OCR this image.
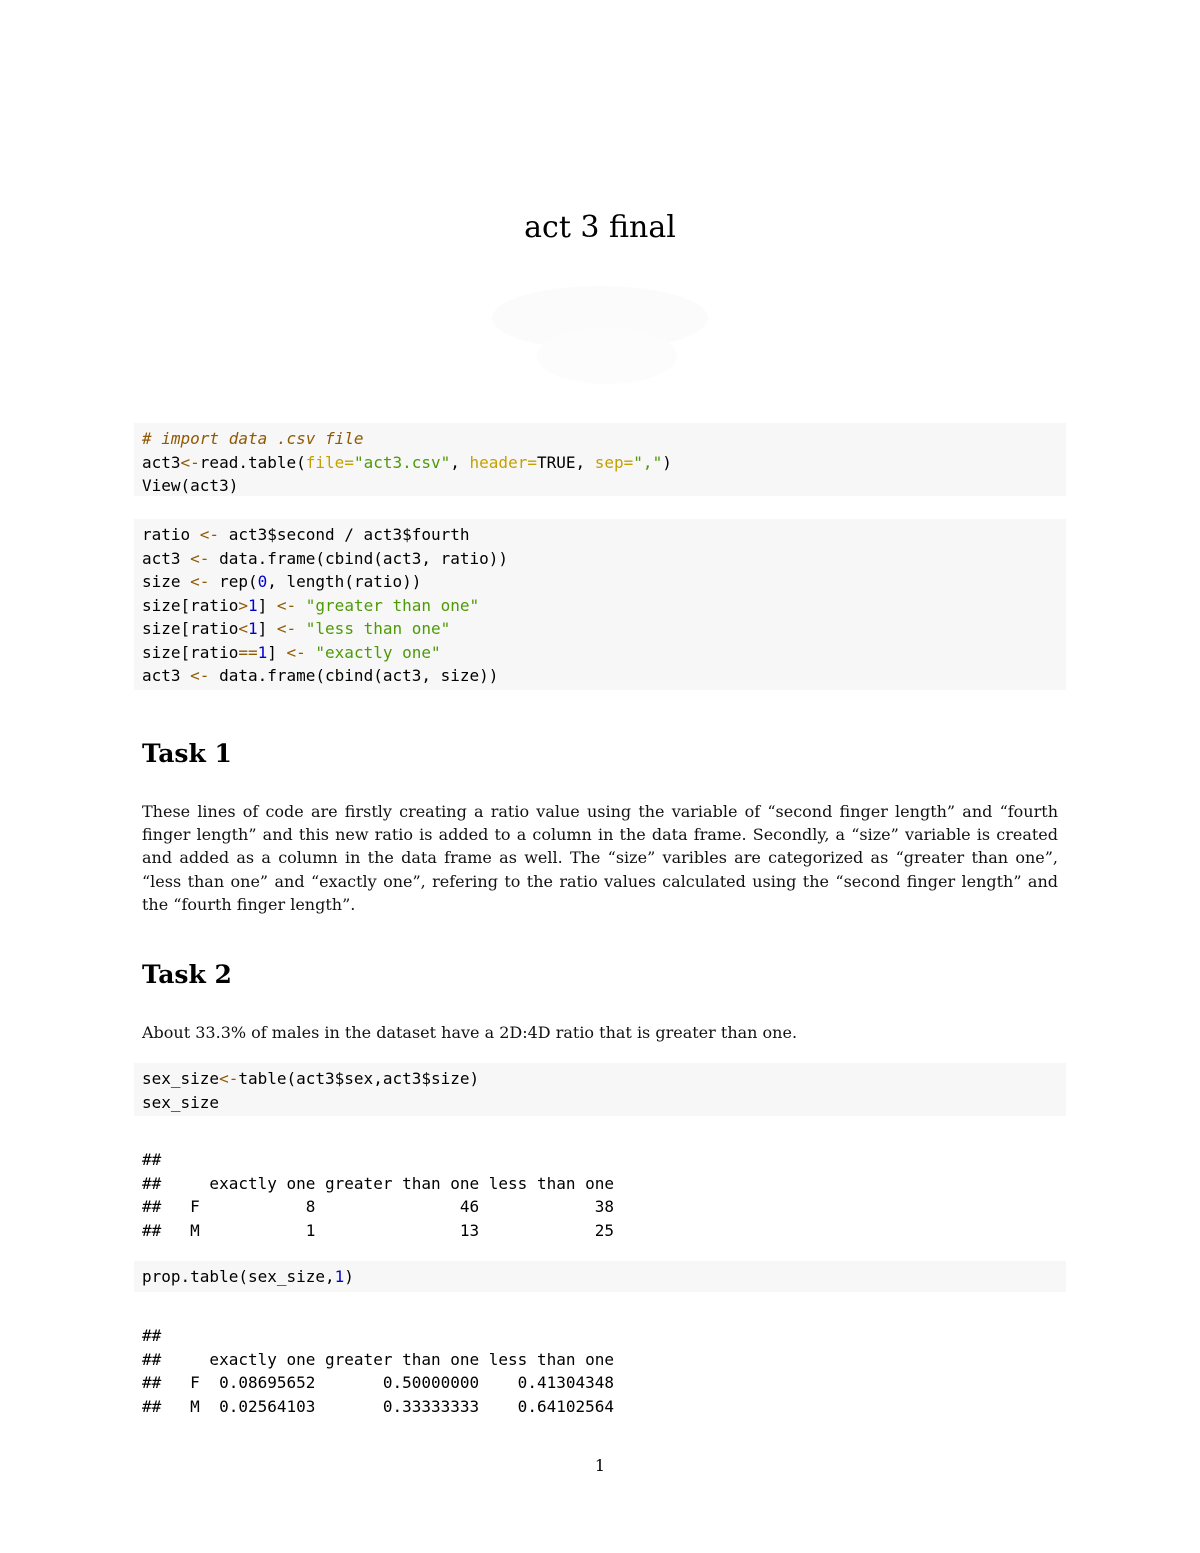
act 3 final
# import data .csv file
act3<-read.table(file="act3.csv", header=TRUE, sep=",")
View(act3)
ratio <- act3$second / act3$fourth
act3 <- data.frame(cbind(act3, ratio))
size <- rep(0, length(ratio))
size[ratio>1] <- "greater than one"
size[ratio<1] <- "less than one"
size[ratio==1] <- "exactly one"
act3 <- data.frame(cbind(act3, size))
Task 1

These lines of code are firstly creating a ratio value using the variable of “second finger length” and “fourth finger length” and this new ratio is added to a column in the data frame. Secondly, a “size” variable is created and added as a column in the data frame as well. The “size” varibles are categorized as “greater than one”, “less than one” and “exactly one”, refering to the ratio values calculated using the “second finger length” and the “fourth finger length”.

Task 2

About 33.3% of males in the dataset have a 2D:4D ratio that is greater than one.

sex_size<-table(act3$sex,act3$size)
sex_size
##
##     exactly one greater than one less than one
##   F           8               46            38
##   M           1               13            25
prop.table(sex_size,1)
##
##     exactly one greater than one less than one
##   F  0.08695652       0.50000000    0.41304348
##   M  0.02564103       0.33333333    0.64102564
1
